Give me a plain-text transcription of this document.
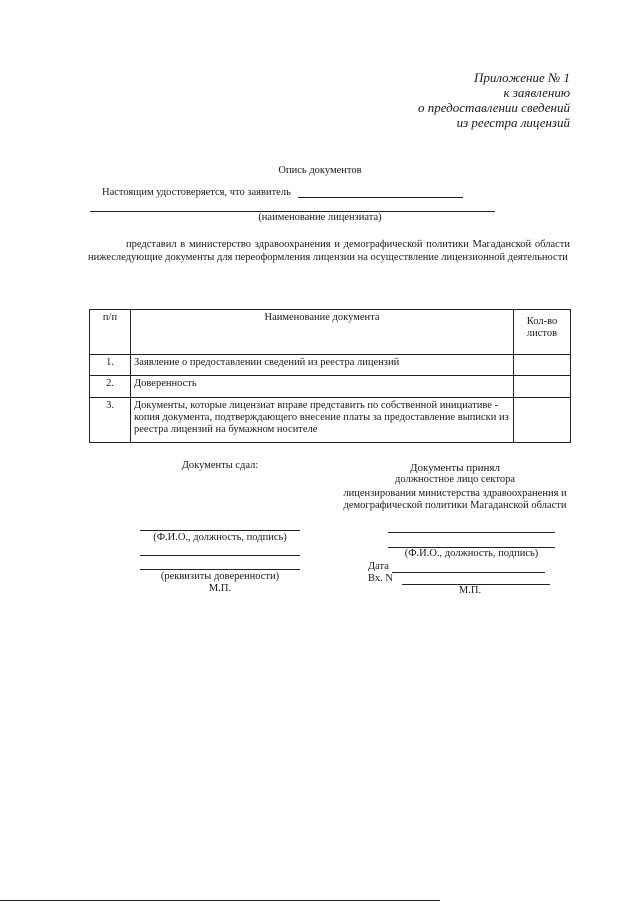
Приложение № 1
к заявлению
о предоставлении сведений
из реестра лицензий
Опись документов
Настоящим удостоверяется, что заявитель
(наименование лицензиата)
представил в министерство здравоохранения и демографической политики Магаданской области нижеследующие документы для переоформления лицензии на осуществление лицензионной деятельности
п/п	Наименование документа	Кол-во листов
1.	Заявление о предоставлении сведений из реестра лицензий	
2.	Доверенность	
3.	Документы, которые лицензиат вправе представить по собственной инициативе - копия документа, подтверждающего внесение платы за предоставление выписки из реестра лицензий на бумажном носителе	
Документы сдал:
(Ф.И.О., должность, подпись)
(реквизиты доверенности)
М.П.
Документы принял
должностное лицо сектора
лицензирования министерства здравоохранения и
демографической политики Магаданской области
(Ф.И.О., должность, подпись)
Дата
Вх. N
М.П.
